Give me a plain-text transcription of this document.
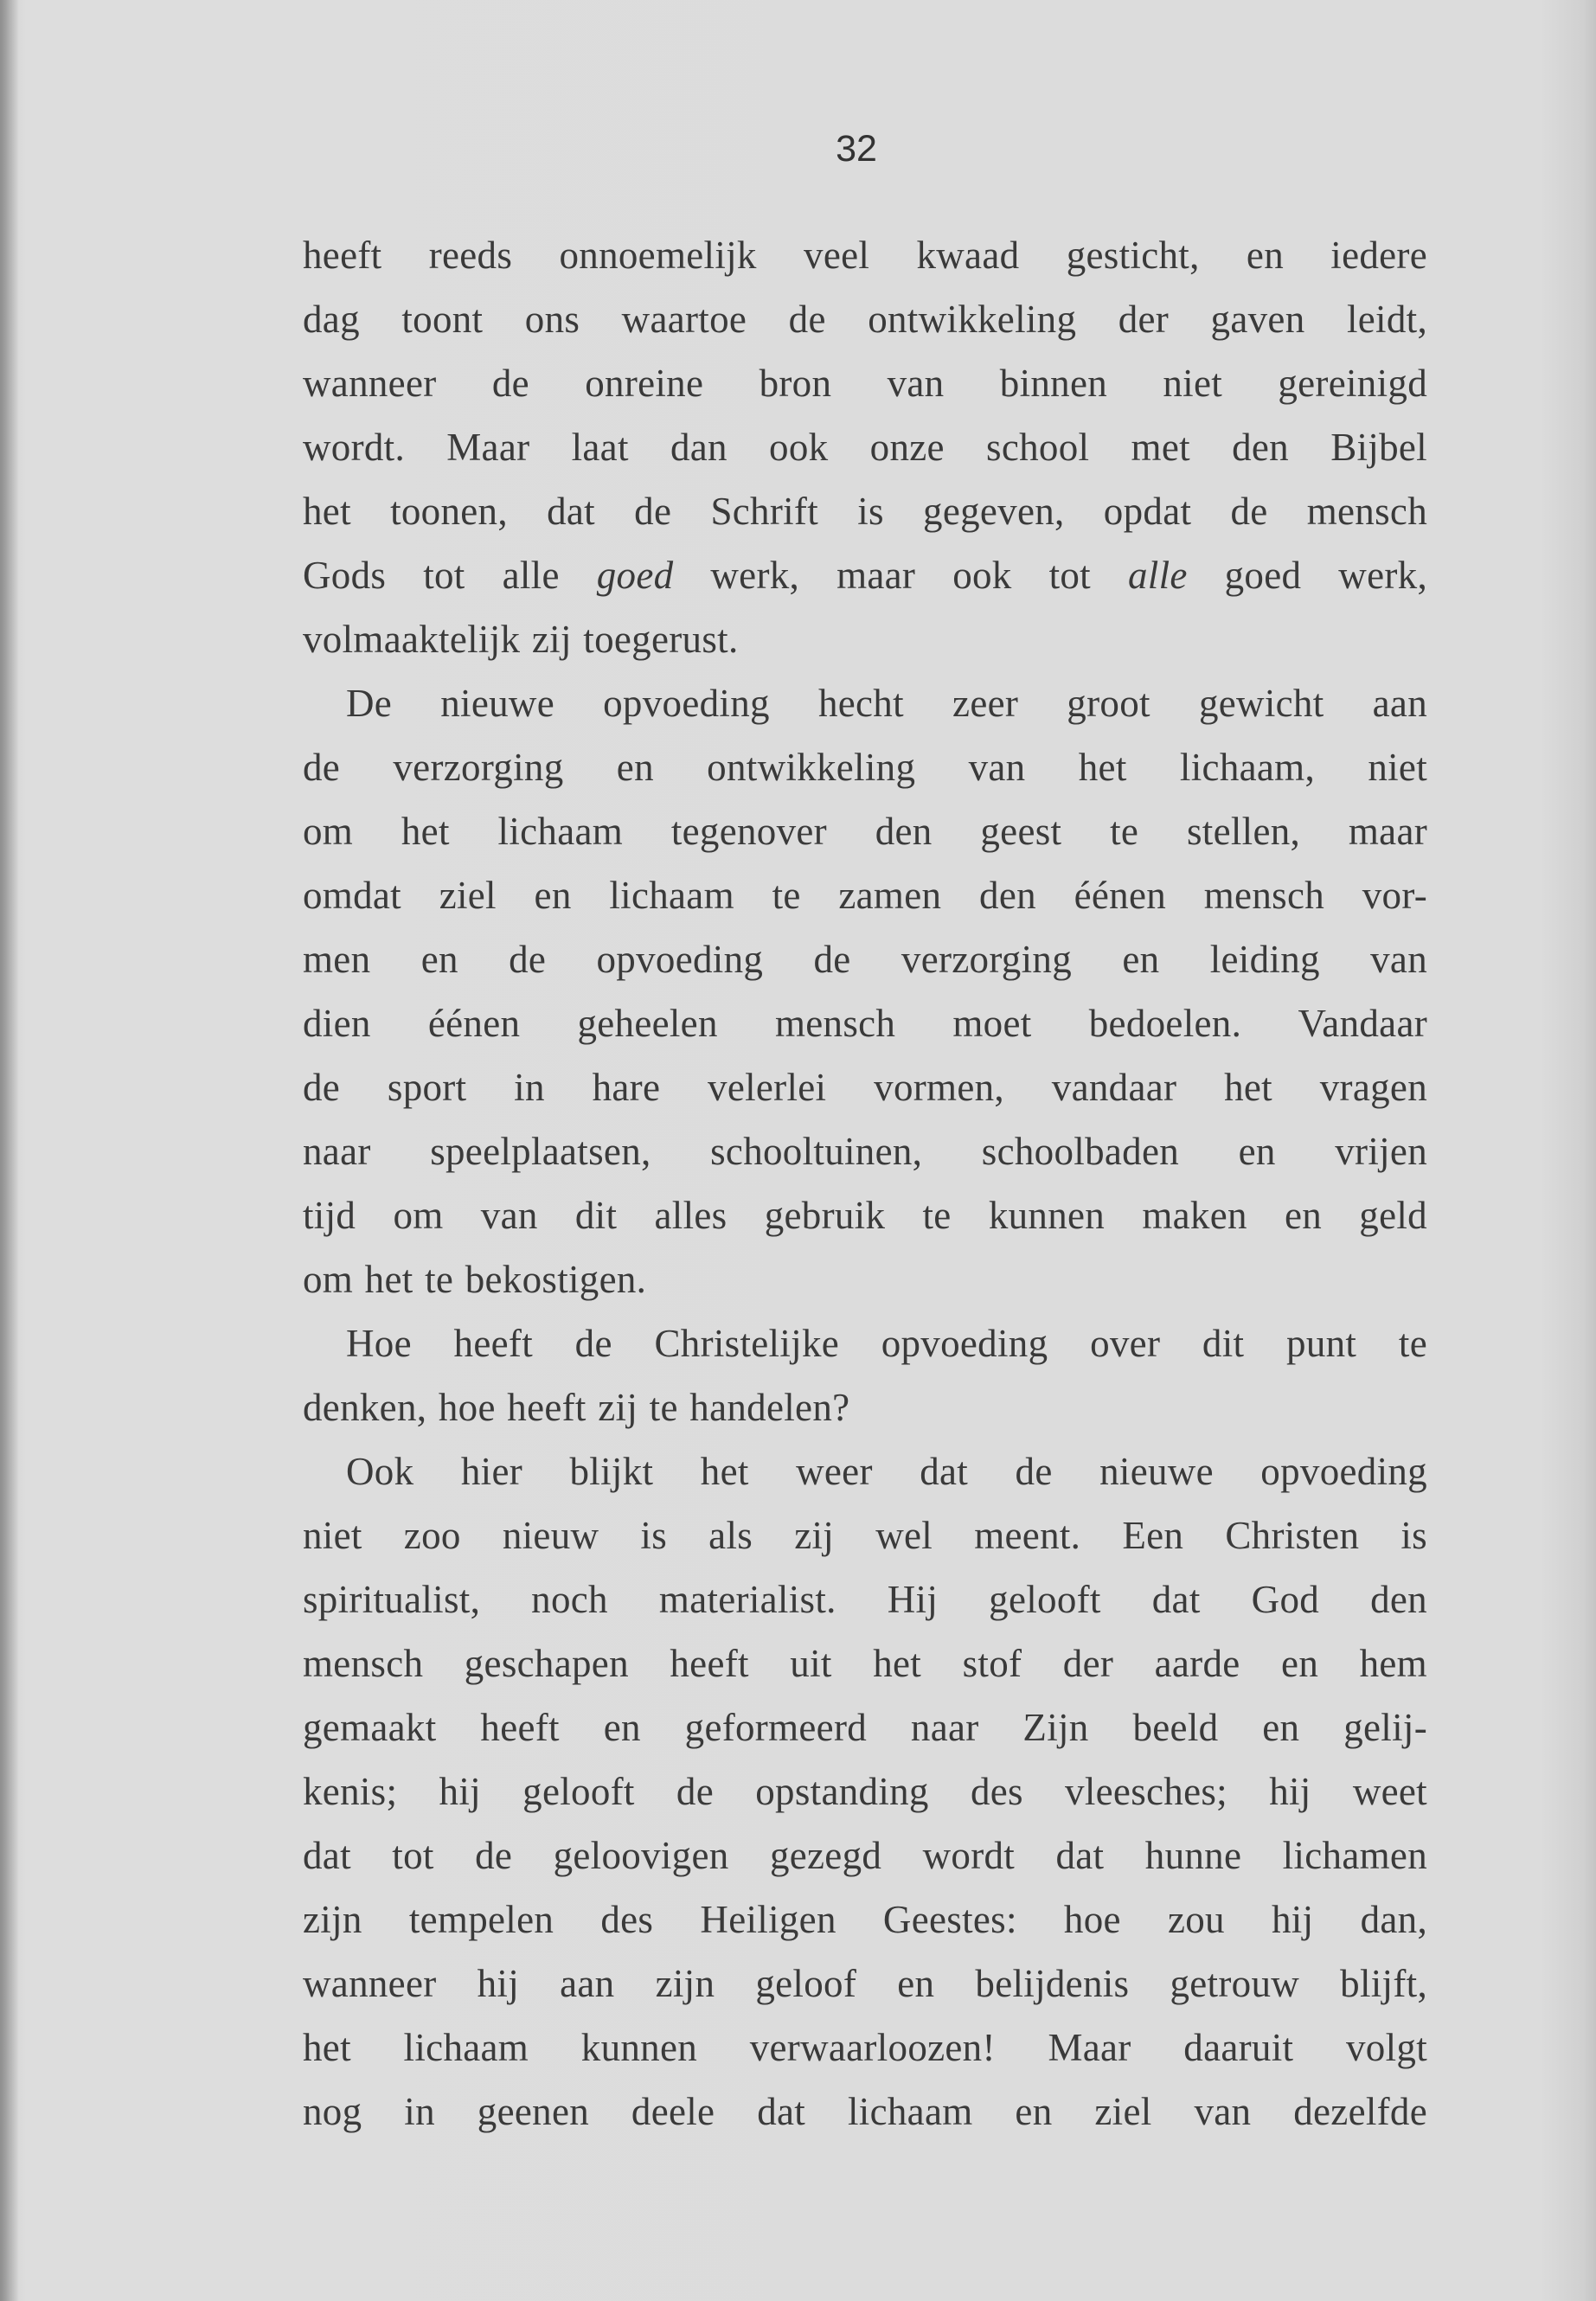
32
heeft reeds onnoemelijk veel kwaad gesticht, en iedere
dag toont ons waartoe de ontwikkeling der gaven leidt,
wanneer de onreine bron van binnen niet gereinigd
wordt. Maar laat dan ook onze school met den Bijbel
het toonen, dat de Schrift is gegeven, opdat de mensch
Gods tot alle goed werk, maar ook tot alle goed werk,
volmaaktelijk zij toegerust.
De nieuwe opvoeding hecht zeer groot gewicht aan
de verzorging en ontwikkeling van het lichaam, niet
om het lichaam tegenover den geest te stellen, maar
omdat ziel en lichaam te zamen den éénen mensch vor-
men en de opvoeding de verzorging en leiding van
dien éénen geheelen mensch moet bedoelen. Vandaar
de sport in hare velerlei vormen, vandaar het vragen
naar speelplaatsen, schooltuinen, schoolbaden en vrijen
tijd om van dit alles gebruik te kunnen maken en geld
om het te bekostigen.
Hoe heeft de Christelijke opvoeding over dit punt te
denken, hoe heeft zij te handelen?
Ook hier blijkt het weer dat de nieuwe opvoeding
niet zoo nieuw is als zij wel meent. Een Christen is
spiritualist, noch materialist. Hij gelooft dat God den
mensch geschapen heeft uit het stof der aarde en hem
gemaakt heeft en geformeerd naar Zijn beeld en gelij-
kenis; hij gelooft de opstanding des vleesches; hij weet
dat tot de geloovigen gezegd wordt dat hunne lichamen
zijn tempelen des Heiligen Geestes: hoe zou hij dan,
wanneer hij aan zijn geloof en belijdenis getrouw blijft,
het lichaam kunnen verwaarloozen! Maar daaruit volgt
nog in geenen deele dat lichaam en ziel van dezelfde
